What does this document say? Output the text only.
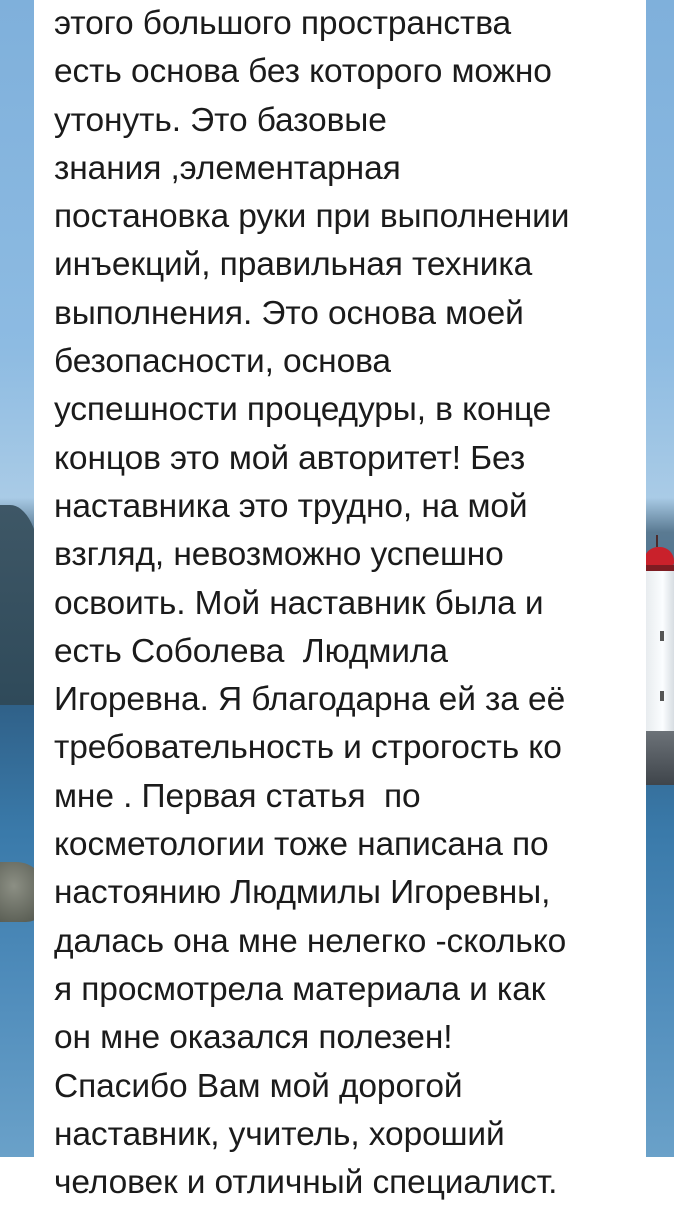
этого большого пространства
есть основа без которого можно
утонуть. Это базовые
знания ,элементарная
постановка руки при выполнении
инъекций, правильная техника
выполнения. Это основа моей
безопасности, основа
успешности процедуры, в конце
концов это мой авторитет! Без
наставника это трудно, на мой
взгляд, невозможно успешно
освоить. Мой наставник была и
есть Соболева  Людмила
Игоревна. Я благодарна ей за её
требовательность и строгость ко
мне . Первая статья  по
косметологии тоже написана по
настоянию Людмилы Игоревны,
далась она мне нелегко -сколько
я просмотрела материала и как
он мне оказался полезен!
Спасибо Вам мой дорогой
наставник, учитель, хороший
человек и отличный специалист.
